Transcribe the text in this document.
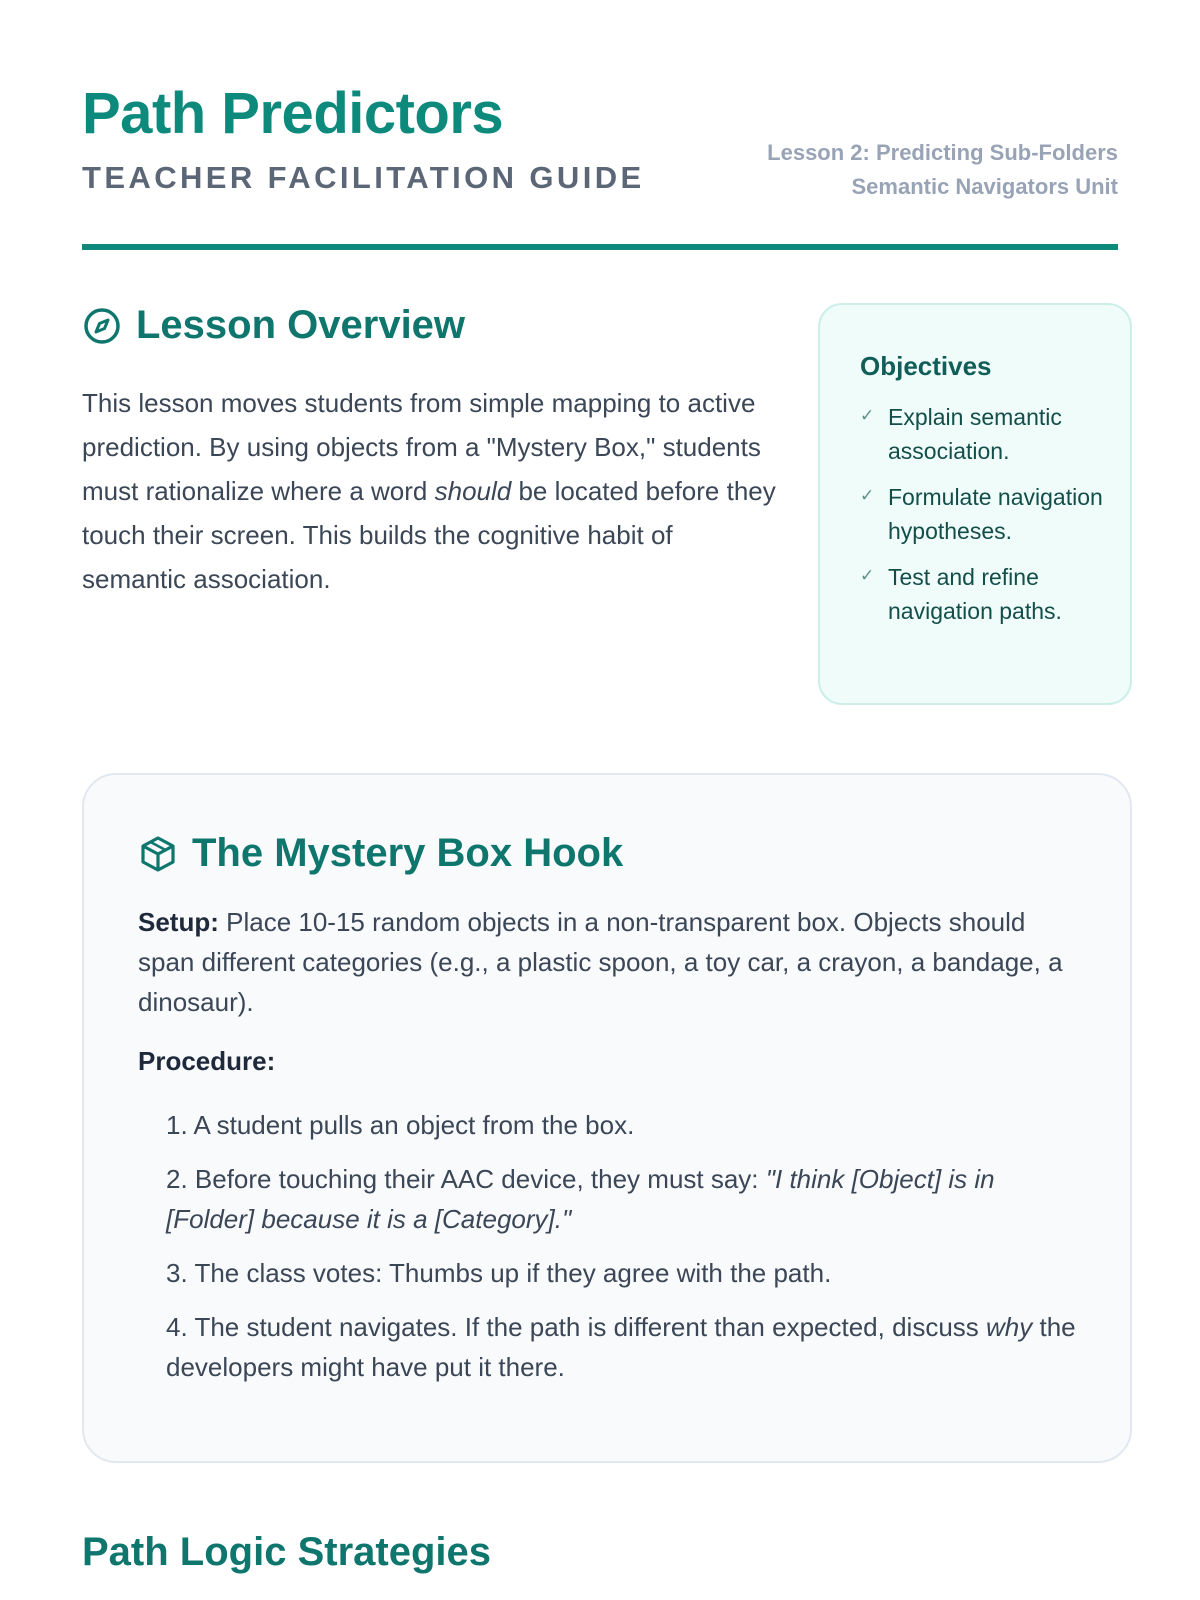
Path Predictors
TEACHER FACILITATION GUIDE
Lesson 2: Predicting Sub-Folders
Semantic Navigators Unit
Lesson Overview

This lesson moves students from simple mapping to active prediction. By using objects from a "Mystery Box," students must rationalize where a word should be located before they touch their screen. This builds the cognitive habit of semantic association.

Objectives
✓ Explain semantic association.
✓ Formulate navigation hypotheses.
✓ Test and refine navigation paths.
The Mystery Box Hook

Setup: Place 10-15 random objects in a non-transparent box. Objects should span different categories (e.g., a plastic spoon, a toy car, a crayon, a bandage, a dinosaur).

Procedure:
1. A student pulls an object from the box.
2. Before touching their AAC device, they must say: "I think [Object] is in [Folder] because it is a [Category]."
3. The class votes: Thumbs up if they agree with the path.
4. The student navigates. If the path is different than expected, discuss why the developers might have put it there.
Path Logic Strategies
